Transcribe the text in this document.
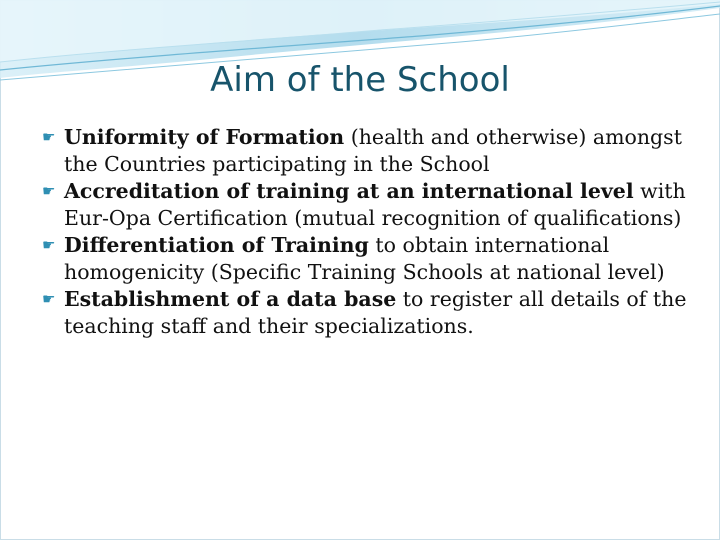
Aim of the School
☛ Uniformity of Formation (health and otherwise) amongst the Countries participating in the School
☛ Accreditation of training at an international level with Eur-Opa Certification (mutual recognition of qualifications)
☛ Differentiation of Training to obtain international homogenicity (Specific Training Schools at national level)
☛ Establishment of a data base to register all details of the teaching staff and their specializations.
